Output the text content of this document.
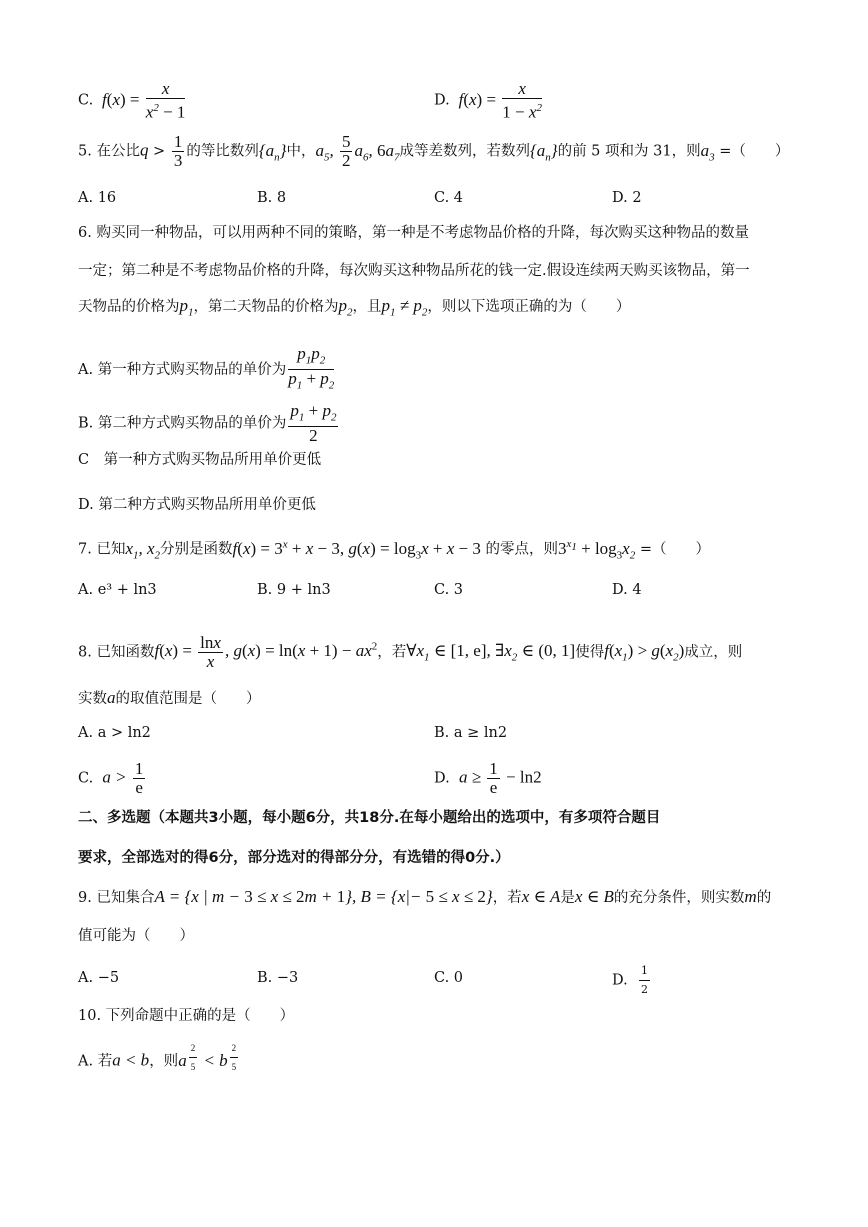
C.  $f(x) = \frac{x}{x^2 - 1}$	D.  $f(x) = \frac{x}{1 - x^2}$
5. 在公比$q > \frac{1}{3}$ 的等比数列$\{a_n\}$中，$a_5$, $\frac{5}{2} a_6$, $6a_7$成等差数列，若数列$\{a_n\}$的前 5 项和为 31，则$a_3$ =（　　）
A. 16	B. 8	C. 4	D. 2
6. 购买同一种物品，可以用两种不同的策略，第一种是不考虑物品价格的升降，每次购买这种物品的数量
一定；第二种是不考虑物品价格的升降，每次购买这种物品所花的钱一定.假设连续两天购买该物品，第一
天物品的价格为$p_1$，第二天物品的价格为$p_2$，且$p_1 \ne p_2$，则以下选项正确的为（　　）
A. 第一种方式购买物品的单价为 $\frac{p_1p_2}{p_1 + p_2}$
B. 第二种方式购买物品的单价为 $\frac{p_1 + p_2}{2}$
C　第一种方式购买物品所用单价更低
D. 第二种方式购买物品所用单价更低
7. 已知$x_1$, $x_2$分别是函数$f(x) = 3^x + x - 3$, $g(x) = \log_3x + x - 3$ 的零点，则$3^{x_1} + \log_3x_2$ =（　　）
A. e³ + ln3	B. 9 + ln3	C. 3	D. 4
8. 已知函数$f(x) = \frac{\ln x}{x}$ , $g(x) = \ln(x + 1) - ax^2$，若$\forall x_1$ ∈ [1, e], $\exists x_2$ ∈ (0, 1]使得$f(x_1) > g(x_2)$成立，则
实数a的取值范围是（　　）
A. a > ln2	B. a ≥ ln2
C.  $a > \frac{1}{e}$	D.  $a \ge \frac{1}{e} - \ln 2$
二、多选题（本题共3小题，每小题6分，共18分.在每小题给出的选项中，有多项符合题目
要求，全部选对的得6分，部分选对的得部分分，有选错的得0分.）
9. 已知集合A = {x | m − 3 ≤ x ≤ 2m + 1}, B = {x|− 5 ≤ x ≤ 2}，若x ∈ A是x ∈ B的充分条件，则实数m的
值可能为（　　）
A. −5	B. −3	C. 0	D. $\frac{1}{2}$
10. 下列命题中正确的是（　　）
A. 若a < b，则a $^{\frac{2}{5}}$ < b $^{\frac{2}{5}}$
